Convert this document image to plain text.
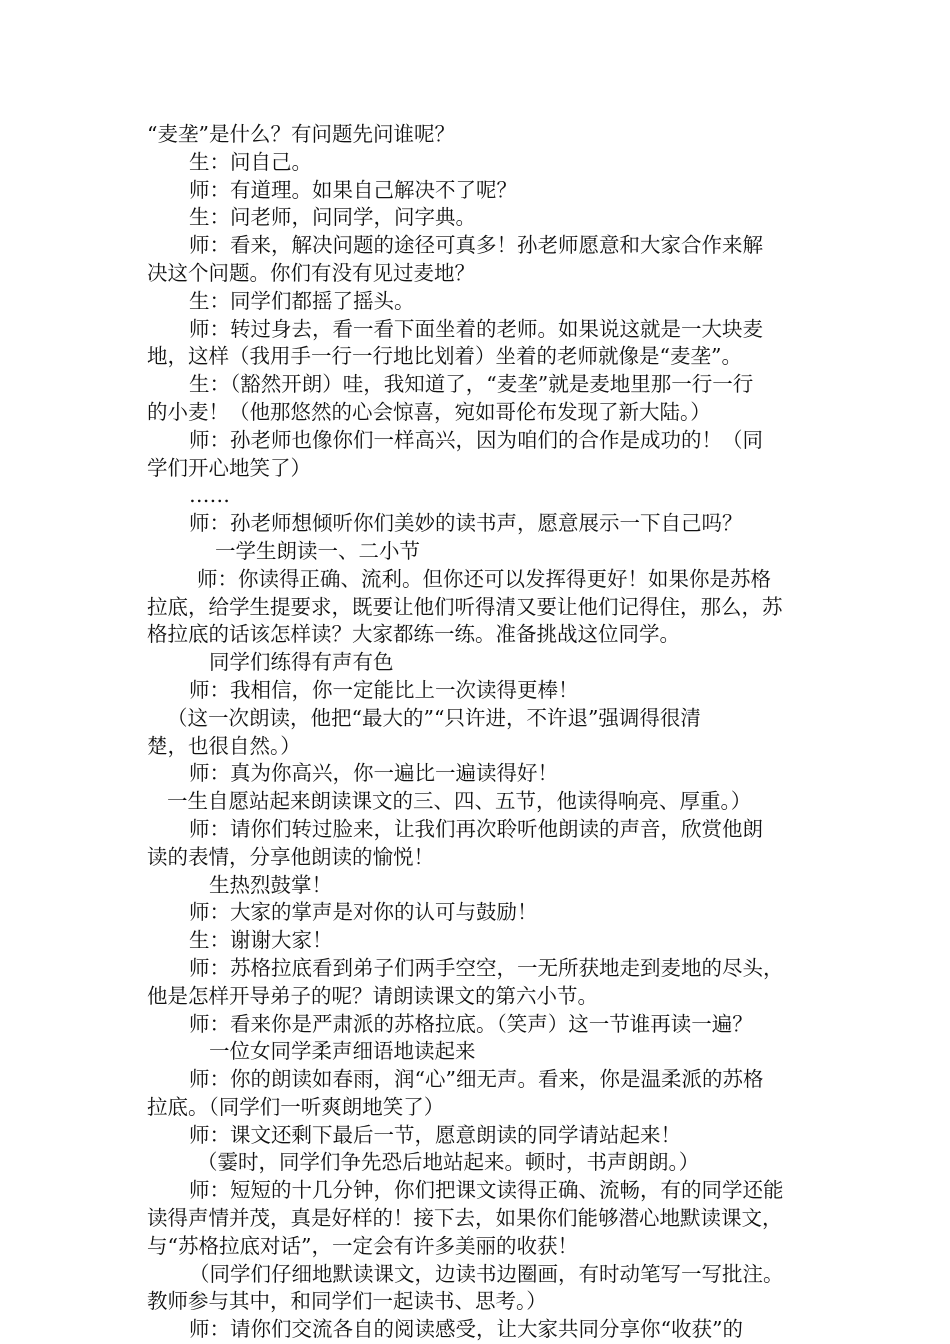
“麦垄”是什么？有问题先问谁呢？
生：问自己。
师：有道理。如果自己解决不了呢？
生：问老师，问同学，问字典。
师：看来，解决问题的途径可真多！孙老师愿意和大家合作来解
决这个问题。你们有没有见过麦地？
生：同学们都摇了摇头。
师：转过身去，看一看下面坐着的老师。如果说这就是一大块麦
地，这样（我用手一行一行地比划着）坐着的老师就像是“麦垄”。
生：（豁然开朗）哇，我知道了，“麦垄”就是麦地里那一行一行
的小麦！（他那悠然的心会惊喜，宛如哥伦布发现了新大陆。）
师：孙老师也像你们一样高兴，因为咱们的合作是成功的！（同
学们开心地笑了）
……
师：孙老师想倾听你们美妙的读书声，愿意展示一下自己吗？
一学生朗读一、二小节
师：你读得正确、流利。但你还可以发挥得更好！如果你是苏格
拉底，给学生提要求，既要让他们听得清又要让他们记得住，那么，苏
格拉底的话该怎样读？大家都练一练。准备挑战这位同学。
同学们练得有声有色
师：我相信，你一定能比上一次读得更棒！
（这一次朗读，他把“最大的”“只许进，不许退”强调得很清
楚，也很自然。）
师：真为你高兴，你一遍比一遍读得好！
一生自愿站起来朗读课文的三、四、五节，他读得响亮、厚重。）
师：请你们转过脸来，让我们再次聆听他朗读的声音，欣赏他朗
读的表情，分享他朗读的愉悦！
生热烈鼓掌！
师：大家的掌声是对你的认可与鼓励！
生：谢谢大家！
师：苏格拉底看到弟子们两手空空，一无所获地走到麦地的尽头，
他是怎样开导弟子的呢？请朗读课文的第六小节。
师：看来你是严肃派的苏格拉底。（笑声）这一节谁再读一遍？
一位女同学柔声细语地读起来
师：你的朗读如春雨，润“心”细无声。看来，你是温柔派的苏格
拉底。（同学们一听爽朗地笑了）
师：课文还剩下最后一节，愿意朗读的同学请站起来！
（霎时，同学们争先恐后地站起来。顿时，书声朗朗。）
师：短短的十几分钟，你们把课文读得正确、流畅，有的同学还能
读得声情并茂，真是好样的！接下去，如果你们能够潜心地默读课文，
与“苏格拉底对话”，一定会有许多美丽的收获！
（同学们仔细地默读课文，边读书边圈画，有时动笔写一写批注。
教师参与其中，和同学们一起读书、思考。）
师：请你们交流各自的阅读感受，让大家共同分享你“收获”的
